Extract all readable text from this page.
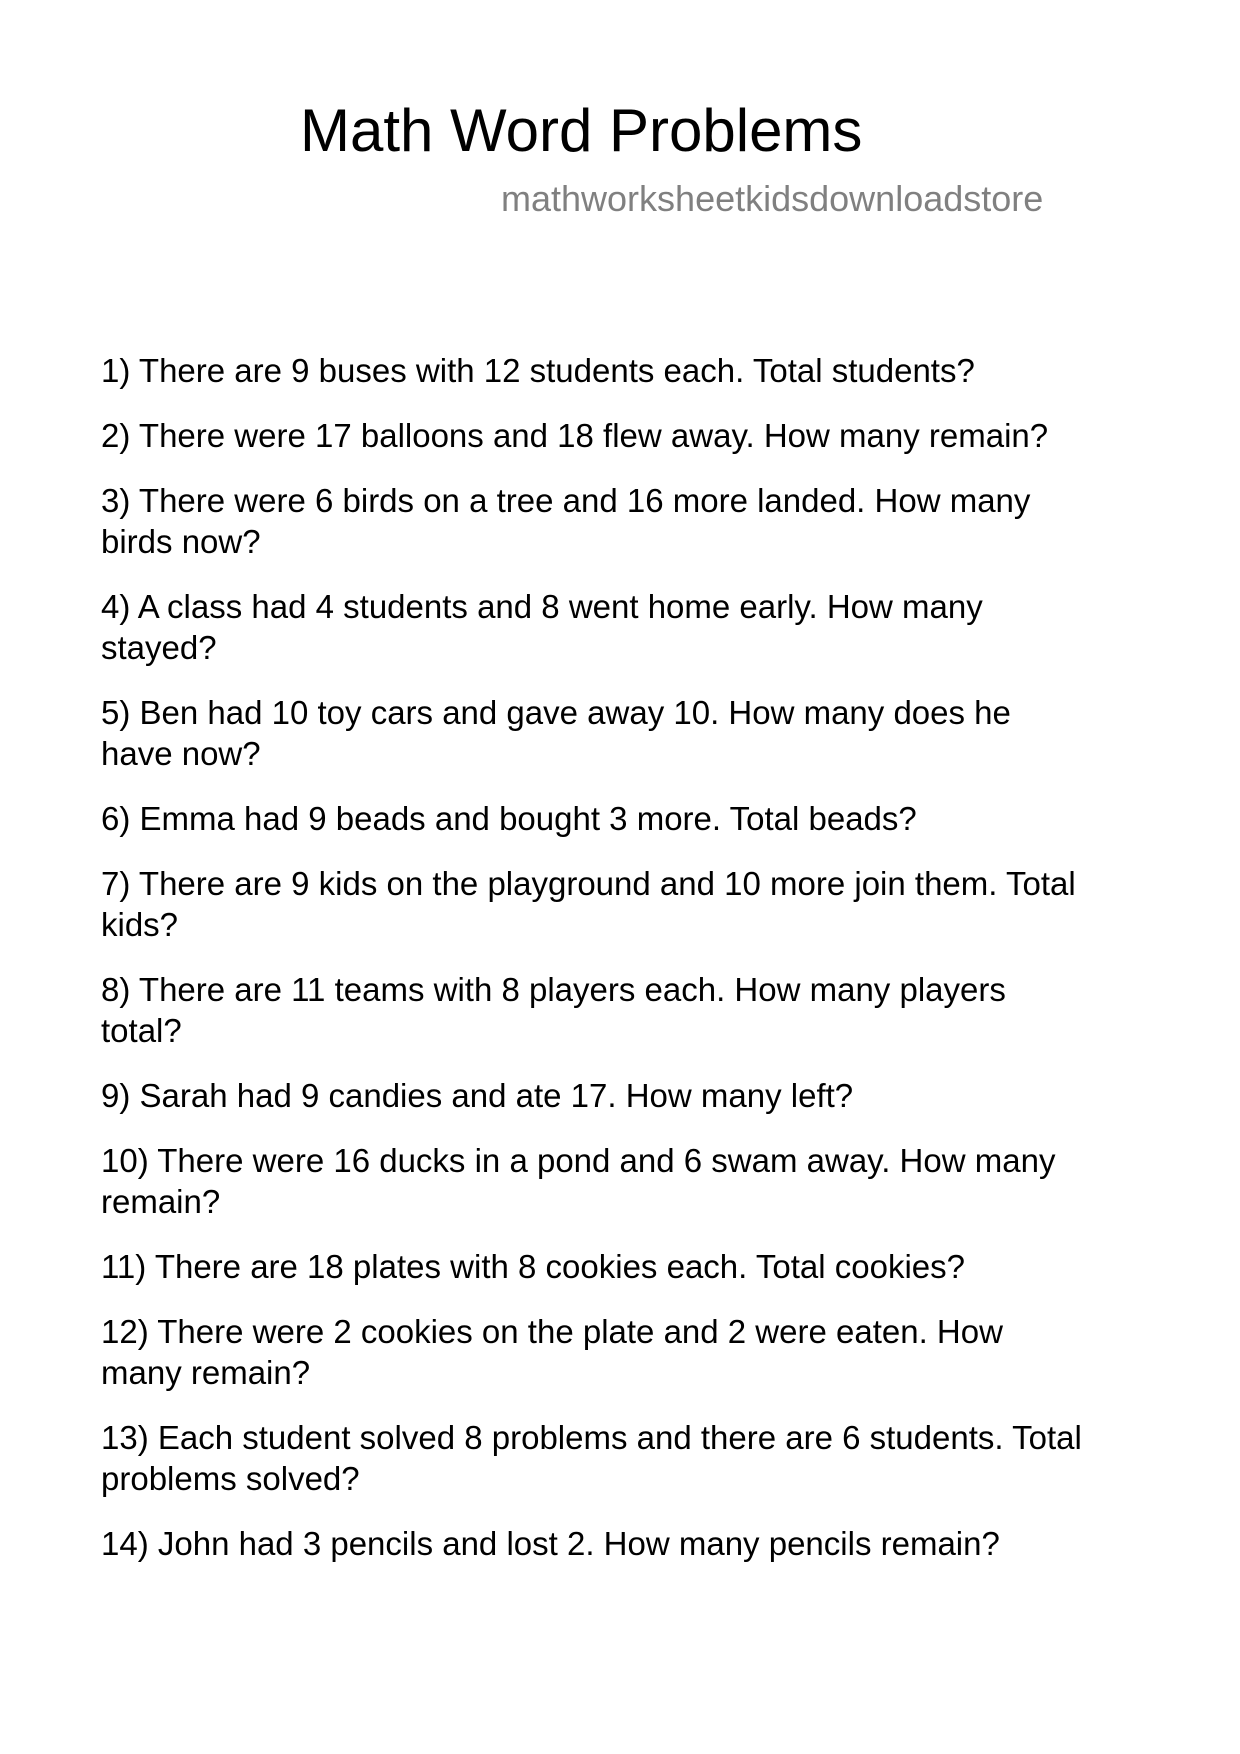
Math Word Problems
mathworksheetkidsdownloadstore
1) There are 9 buses with 12 students each. Total students?
2) There were 17 balloons and 18 flew away. How many remain?
3) There were 6 birds on a tree and 16 more landed. How many
birds now?
4) A class had 4 students and 8 went home early. How many
stayed?
5) Ben had 10 toy cars and gave away 10. How many does he
have now?
6) Emma had 9 beads and bought 3 more. Total beads?
7) There are 9 kids on the playground and 10 more join them. Total
kids?
8) There are 11 teams with 8 players each. How many players
total?
9) Sarah had 9 candies and ate 17. How many left?
10) There were 16 ducks in a pond and 6 swam away. How many
remain?
11) There are 18 plates with 8 cookies each. Total cookies?
12) There were 2 cookies on the plate and 2 were eaten. How
many remain?
13) Each student solved 8 problems and there are 6 students. Total
problems solved?
14) John had 3 pencils and lost 2. How many pencils remain?
